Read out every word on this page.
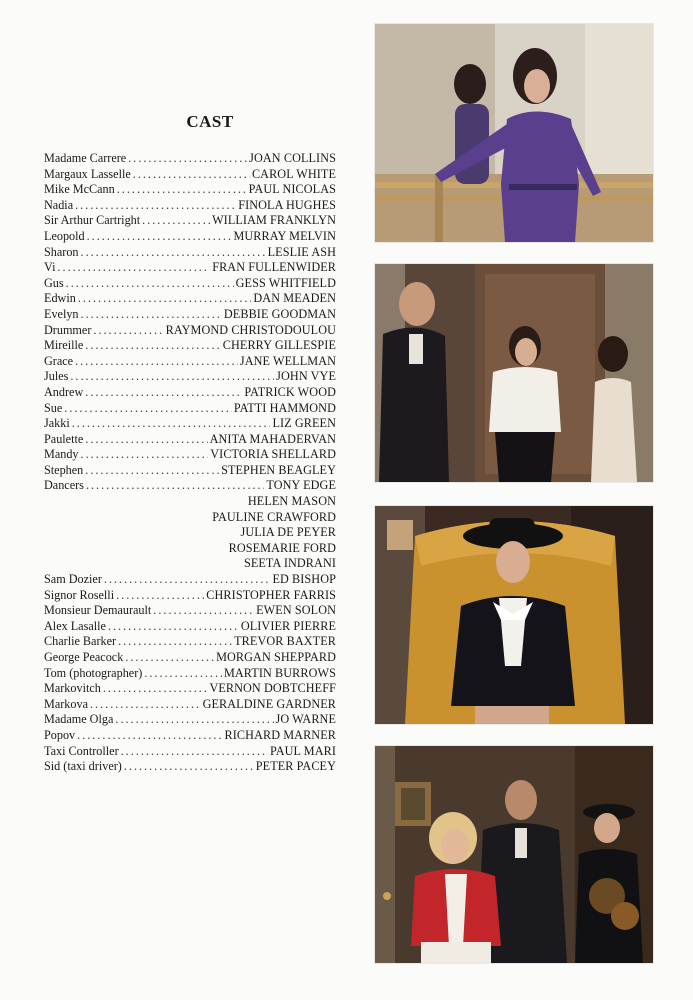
CAST
Madame Carrere .....	JOAN COLLINS
Margaux Lasselle .....	CAROL WHITE
Mike McCann .....	PAUL NICOLAS
Nadia .....	FINOLA HUGHES
Sir Arthur Cartright .....	WILLIAM FRANKLYN
Leopold .....	MURRAY MELVIN
Sharon .....	LESLIE ASH
Vi .....	FRAN FULLENWIDER
Gus .....	GESS WHITFIELD
Edwin .....	DAN MEADEN
Evelyn .....	DEBBIE GOODMAN
Drummer .....	RAYMOND CHRISTODOULOU
Mireille .....	CHERRY GILLESPIE
Grace .....	JANE WELLMAN
Jules .....	JOHN VYE
Andrew .....	PATRICK WOOD
Sue .....	PATTI HAMMOND
Jakki .....	LIZ GREEN
Paulette .....	ANITA MAHADERVAN
Mandy .....	VICTORIA SHELLARD
Stephen .....	STEPHEN BEAGLEY
Dancers .....	TONY EDGE
HELEN MASON
PAULINE CRAWFORD
JULIA DE PEYER
ROSEMARIE FORD
SEETA INDRANI
Sam Dozier .....	ED BISHOP
Signor Roselli .....	CHRISTOPHER FARRIS
Monsieur Demaurault .....	EWEN SOLON
Alex Lasalle .....	OLIVIER PIERRE
Charlie Barker .....	TREVOR BAXTER
George Peacock .....	MORGAN SHEPPARD
Tom (photographer) .....	MARTIN BURROWS
Markovitch .....	VERNON DOBTCHEFF
Markova .....	GERALDINE GARDNER
Madame Olga .....	JO WARNE
Popov .....	RICHARD MARNER
Taxi Controller .....	PAUL MARI
Sid (taxi driver) .....	PETER PACEY
